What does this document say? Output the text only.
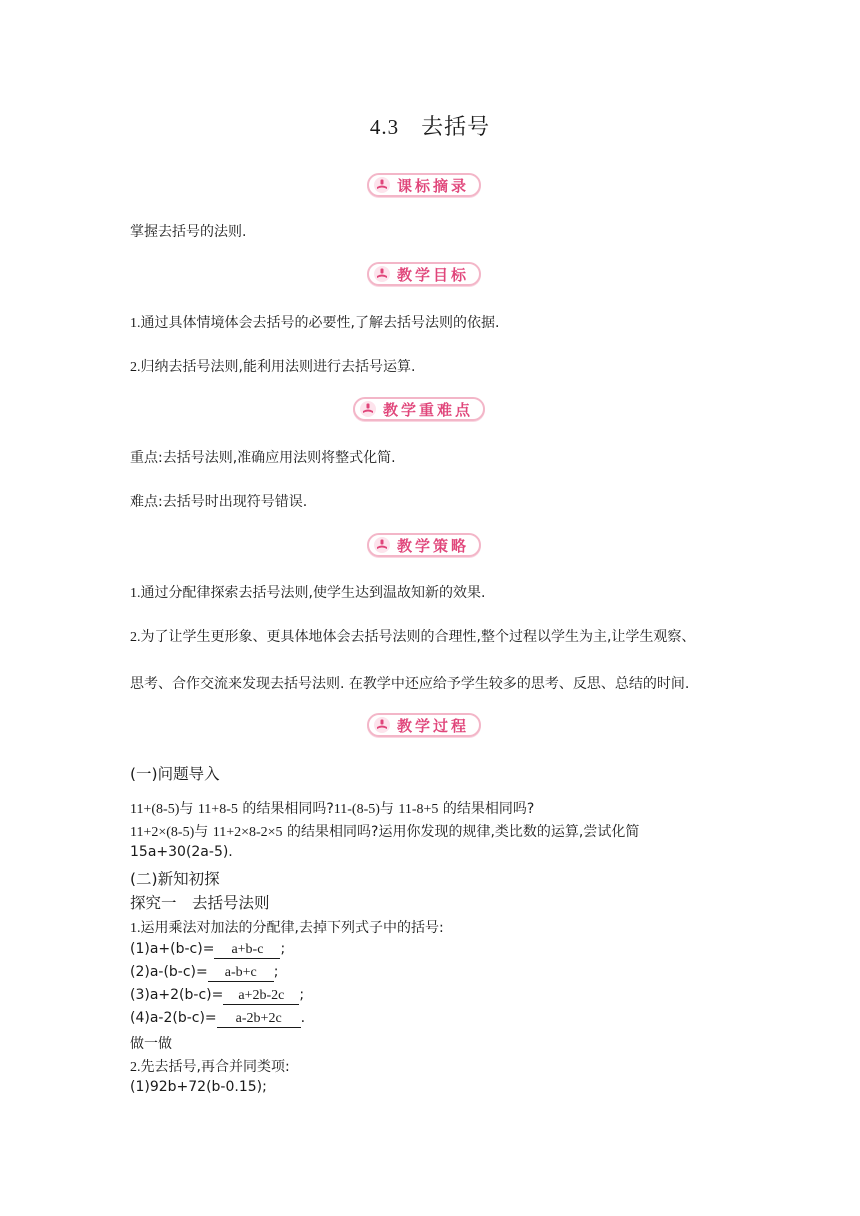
4.3 去括号
课标摘录
掌握去括号的法则.
教学目标
1.通过具体情境体会去括号的必要性,了解去括号法则的依据.
2.归纳去括号法则,能利用法则进行去括号运算.
教学重难点
重点:去括号法则,准确应用法则将整式化简.
难点:去括号时出现符号错误.
教学策略
1.通过分配律探索去括号法则,使学生达到温故知新的效果.
2.为了让学生更形象、更具体地体会去括号法则的合理性,整个过程以学生为主,让学生观察、
思考、合作交流来发现去括号法则. 在教学中还应给予学生较多的思考、反思、总结的时间.
教学过程
(一)问题导入
11+(8-5)与 11+8-5 的结果相同吗?11-(8-5)与 11-8+5 的结果相同吗?
11+2×(8-5)与 11+2×8-2×5 的结果相同吗?运用你发现的规律,类比数的运算,尝试化简
15a+30(2a-5).
(二)新知初探
探究一　去括号法则
1.运用乘法对加法的分配律,去掉下列式子中的括号:
(1)a+(b-c)= a+b-c ;
(2)a-(b-c)= a-b+c ;
(3)a+2(b-c)= a+2b-2c ;
(4)a-2(b-c)= a-2b+2c .
做一做
2.先去括号,再合并同类项:
(1)92b+72(b-0.15);
